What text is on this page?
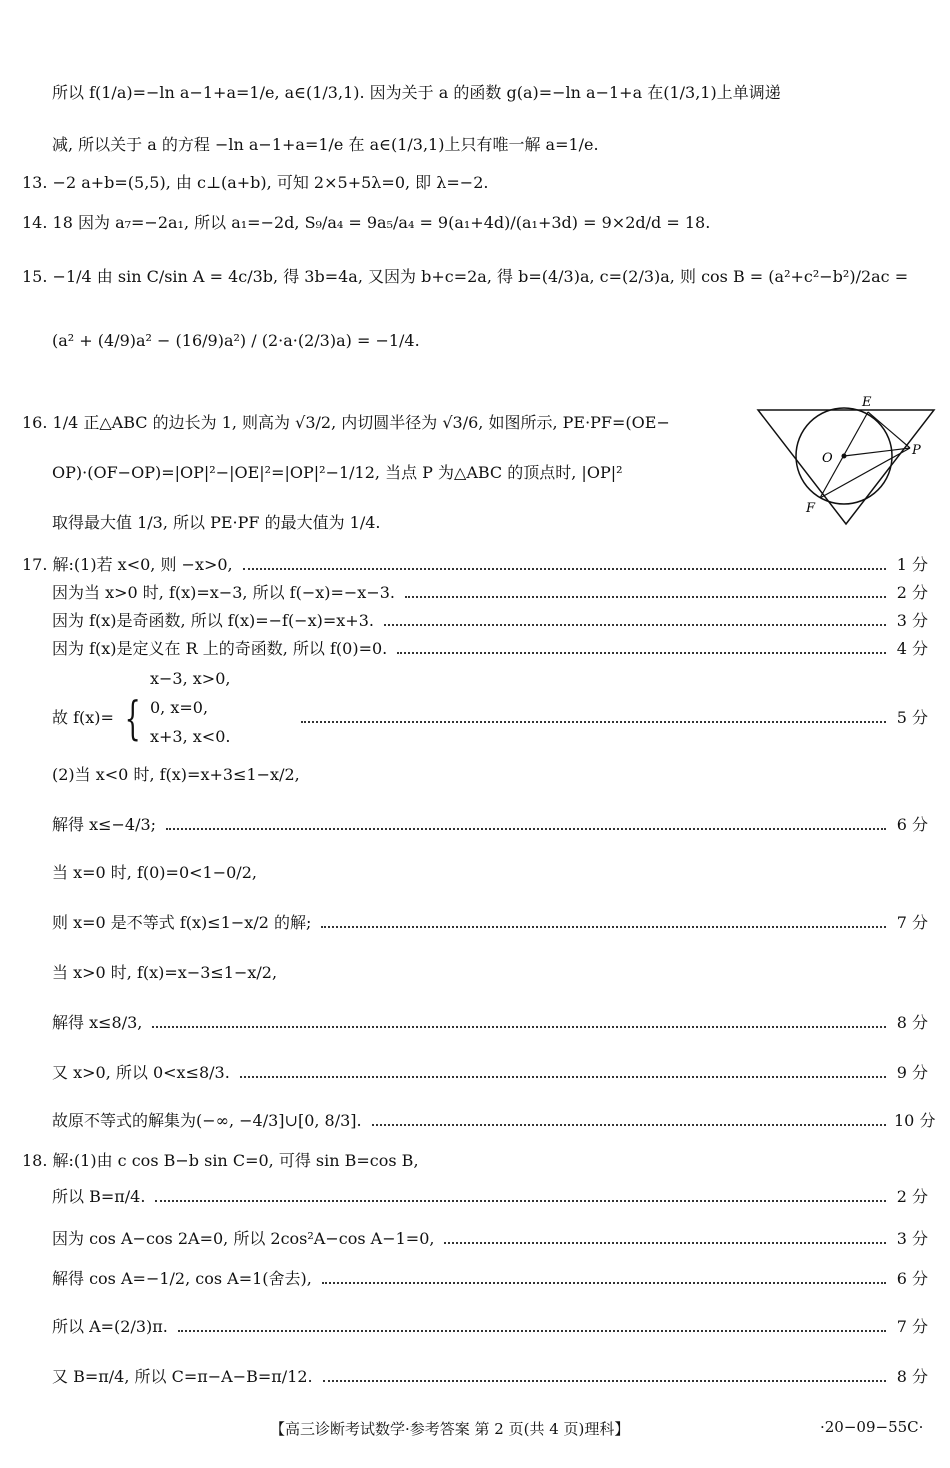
所以 f(1/a)=−ln a−1+a=1/e, a∈(1/3,1). 因为关于 a 的函数 g(a)=−ln a−1+a 在(1/3,1)上单调递
减, 所以关于 a 的方程 −ln a−1+a=1/e 在 a∈(1/3,1)上只有唯一解 a=1/e.
13. −2 a+b=(5,5), 由 c⊥(a+b), 可知 2×5+5λ=0, 即 λ=−2.
14. 18 因为 a₇=−2a₁, 所以 a₁=−2d, S₉/a₄ = 9a₅/a₄ = 9(a₁+4d)/(a₁+3d) = 9×2d/d = 18.
15. −1/4 由 sin C/sin A = 4c/3b, 得 3b=4a, 又因为 b+c=2a, 得 b=(4/3)a, c=(2/3)a, 则 cos B = (a²+c²−b²)/2ac =
(a² + (4/9)a² − (16/9)a²) / (2·a·(2/3)a) = −1/4.
16. 1/4 正△ABC 的边长为 1, 则高为 √3/2, 内切圆半径为 √3/6, 如图所示, PE·PF=(OE−
OP)·(OF−OP)=|OP|²−|OE|²=|OP|²−1/12, 当点 P 为△ABC 的顶点时, |OP|²
取得最大值 1/3, 所以 PE·PF 的最大值为 1/4.
E
O
P
F
17. 解:(1)若 x<0, 则 −x>0,	1 分
因为当 x>0 时, f(x)=x−3, 所以 f(−x)=−x−3.	2 分
因为 f(x)是奇函数, 所以 f(x)=−f(−x)=x+3.	3 分
因为 f(x)是定义在 R 上的奇函数, 所以 f(0)=0.	4 分
故 f(x)= {	5 分
x−3, x>0,
0, x=0,
x+3, x<0.
(2)当 x<0 时, f(x)=x+3≤1−x/2,
解得 x≤−4/3;	6 分
当 x=0 时, f(0)=0<1−0/2,
则 x=0 是不等式 f(x)≤1−x/2 的解;	7 分
当 x>0 时, f(x)=x−3≤1−x/2,
解得 x≤8/3,	8 分
又 x>0, 所以 0<x≤8/3.	9 分
故原不等式的解集为(−∞, −4/3]∪[0, 8/3].	10 分
18. 解:(1)由 c cos B−b sin C=0, 可得 sin B=cos B,
所以 B=π/4.	2 分
因为 cos A−cos 2A=0, 所以 2cos²A−cos A−1=0,	3 分
解得 cos A=−1/2, cos A=1(舍去),	6 分
所以 A=(2/3)π.	7 分
又 B=π/4, 所以 C=π−A−B=π/12.	8 分
【高三诊断考试数学·参考答案 第 2 页(共 4 页)理科】	·20−09−55C·
